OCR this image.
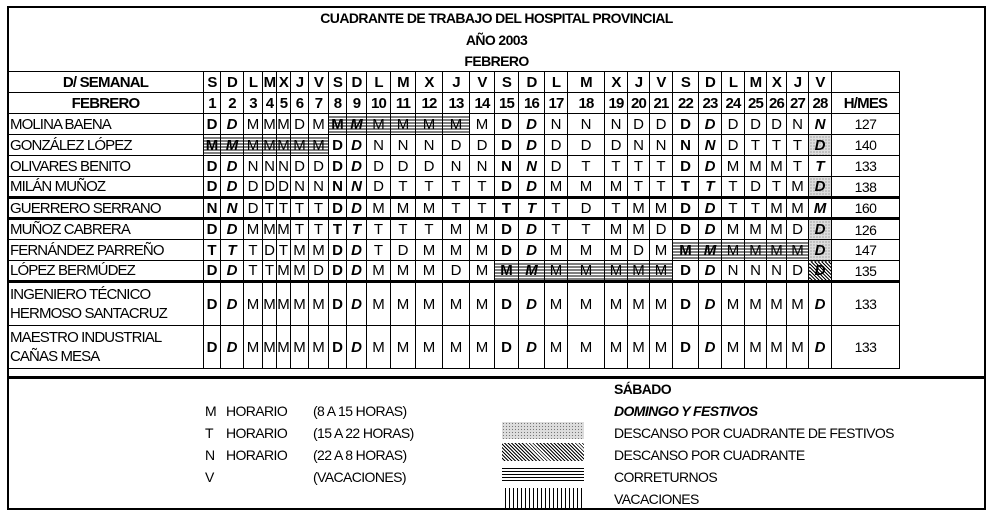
CUADRANTE DE TRABAJO DEL HOSPITAL PROVINCIAL
AÑO 2003
FEBRERO
D/ SEMANAL	S	D	L	M	X	J	V	S	D	L	M	X	J	V	S	D	L	M	X	J	V	S	D	L	M	X	J	V	
FEBRERO	1	2	3	4	5	6	7	8	9	10	11	12	13	14	15	16	17	18	19	20	21	22	23	24	25	26	27	28	H/MES
MOLINA BAENA	D	D	M	M	M	D	M	M	M	M	M	M	M	M	D	D	N	N	N	D	D	D	D	D	D	D	N	N	127
GONZÁLEZ LÓPEZ	M	M	M	M	M	M	M	D	D	N	N	N	D	D	D	D	D	D	D	N	N	N	N	D	T	T	T	D	140
OLIVARES BENITO	D	D	N	N	N	D	D	D	D	D	D	D	N	N	N	N	D	T	T	T	T	D	D	M	M	M	T	T	133
MILÁN MUÑOZ	D	D	D	D	D	N	N	N	N	D	T	T	T	T	D	D	M	M	M	T	T	T	T	T	D	T	M	D	138
GUERRERO SERRANO	N	N	D	T	T	T	T	D	D	M	M	M	T	T	T	T	T	D	T	M	M	D	D	T	T	M	M	M	160
MUÑOZ CABRERA	D	D	M	M	M	T	T	T	T	T	T	T	M	M	D	D	T	T	M	M	D	D	D	M	M	M	D	D	126
FERNÁNDEZ PARREÑO	T	T	T	D	T	M	M	D	D	T	D	M	M	M	D	D	M	M	M	D	M	M	M	M	M	M	M	D	147
LÓPEZ BERMÚDEZ	D	D	T	T	M	M	D	D	D	M	M	M	D	M	M	M	M	M	M	M	M	D	D	N	N	N	D	D	135

INGENIERO TÉCNICO
HERMOSO SANTACRUZ	D	D	M	M	M	M	M	D	D	M	M	M	M	M	D	D	M	M	M	M	M	D	D	M	M	M	M	D	133

MAESTRO INDUSTRIAL
CAÑAS MESA	D	D	M	M	M	M	M	D	D	M	M	M	M	M	D	D	M	M	M	M	M	D	D	M	M	M	M	D	133
M HORARIO (8 A 15 HORAS)
T HORARIO (15 A 22 HORAS)
N HORARIO (22 A 8 HORAS)
V	(VACACIONES)
SÁBADO
DOMINGO Y FESTIVOS
DESCANSO POR CUADRANTE DE FESTIVOS
DESCANSO POR CUADRANTE
CORRETURNOS
VACACIONES
